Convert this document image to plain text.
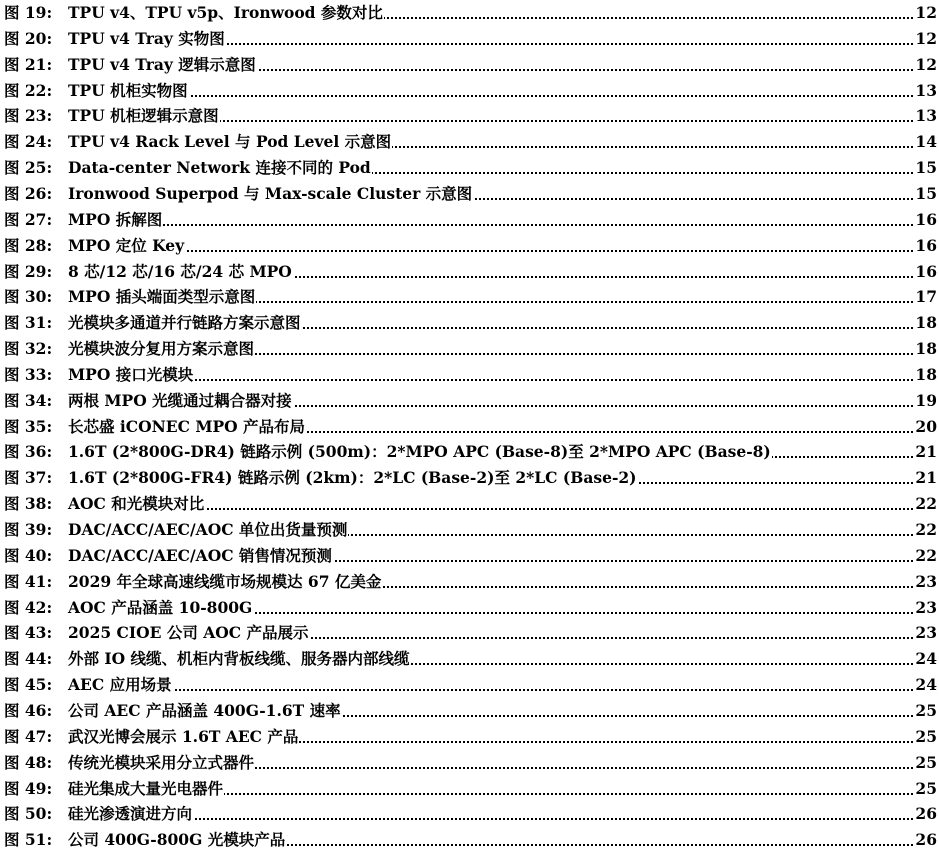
图 19: TPU v4、TPU v5p、Ironwood 参数对比	12
图 20: TPU v4 Tray 实物图	12
图 21: TPU v4 Tray 逻辑示意图	12
图 22: TPU 机柜实物图	13
图 23: TPU 机柜逻辑示意图	13
图 24: TPU v4 Rack Level 与 Pod Level 示意图	14
图 25: Data-center Network 连接不同的 Pod	15
图 26: Ironwood Superpod 与 Max-scale Cluster 示意图	15
图 27: MPO 拆解图	16
图 28: MPO 定位 Key	16
图 29: 8 芯/12 芯/16 芯/24 芯 MPO	16
图 30: MPO 插头端面类型示意图	17
图 31: 光模块多通道并行链路方案示意图	18
图 32: 光模块波分复用方案示意图	18
图 33: MPO 接口光模块	18
图 34: 两根 MPO 光缆通过耦合器对接	19
图 35: 长芯盛 iCONEC MPO 产品布局	20
图 36: 1.6T (2*800G-DR4) 链路示例 (500m)：2*MPO APC (Base-8)至 2*MPO APC (Base-8)	21
图 37: 1.6T (2*800G-FR4) 链路示例 (2km)：2*LC (Base-2)至 2*LC (Base-2)	21
图 38: AOC 和光模块对比	22
图 39: DAC/ACC/AEC/AOC 单位出货量预测	22
图 40: DAC/ACC/AEC/AOC 销售情况预测	22
图 41: 2029 年全球高速线缆市场规模达 67 亿美金	23
图 42: AOC 产品涵盖 10-800G	23
图 43: 2025 CIOE 公司 AOC 产品展示	23
图 44: 外部 IO 线缆、机柜内背板线缆、服务器内部线缆	24
图 45: AEC 应用场景	24
图 46: 公司 AEC 产品涵盖 400G-1.6T 速率	25
图 47: 武汉光博会展示 1.6T AEC 产品	25
图 48: 传统光模块采用分立式器件	25
图 49: 硅光集成大量光电器件	25
图 50: 硅光渗透演进方向	26
图 51: 公司 400G-800G 光模块产品	26
